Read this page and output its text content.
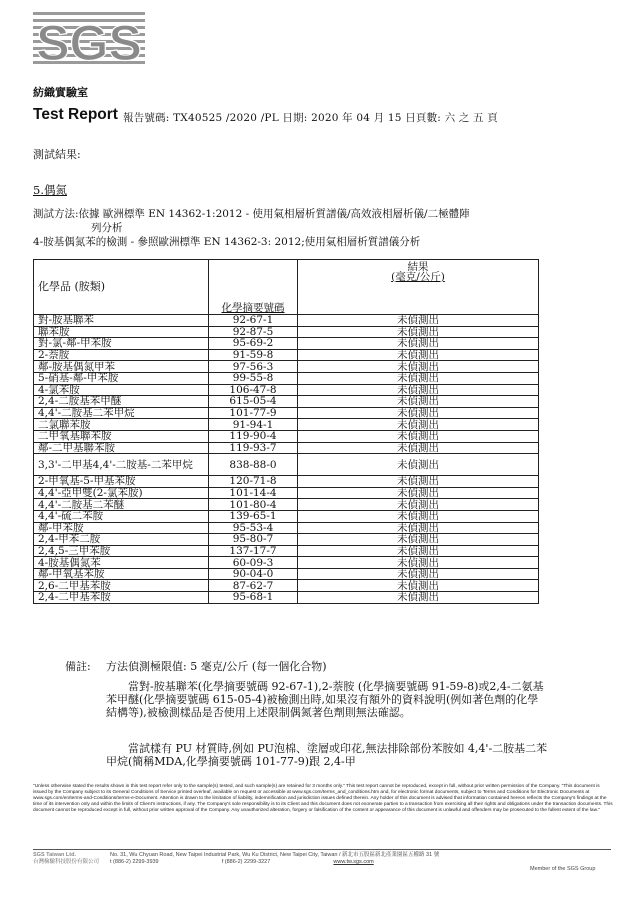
SGS
紡織實驗室
Test Report 報告號碼: TX40525 /2020 /PL 日期: 2020 年 04 月 15 日頁數: 六 之 五 頁
測試結果:
5.偶氮
測試方法:依據 歐洲標準 EN 14362-1:2012 - 使用氣相層析質譜儀/高效液相層析儀/二極體陣
列分析
4-胺基偶氮苯的檢測 - 參照歐洲標準 EN 14362-3: 2012;使用氣相層析質譜儀分析
化學品 (胺類)		結果
(毫克/公斤)

	化學摘要號碼	
對-胺基聯苯	92-67-1	未偵測出
聯苯胺	92-87-5	未偵測出
對-氯-鄰-甲苯胺	95-69-2	未偵測出
2-萘胺	91-59-8	未偵測出
鄰-胺基偶氮甲苯	97-56-3	未偵測出
5-硝基-鄰-甲苯胺	99-55-8	未偵測出
4-氯苯胺	106-47-8	未偵測出
2,4-二胺基苯甲醚	615-05-4	未偵測出
4,4'-二胺基二苯甲烷	101-77-9	未偵測出
二氯聯苯胺	91-94-1	未偵測出
二甲氧基聯苯胺	119-90-4	未偵測出
鄰-二甲基聯苯胺	119-93-7	未偵測出
3,3'-二甲基4,4'-二胺基-二苯甲烷	838-88-0	未偵測出
2-甲氧基-5-甲基苯胺	120-71-8	未偵測出
4,4'-亞甲雙(2-氯苯胺)	101-14-4	未偵測出
4,4'-二胺基二苯醚	101-80-4	未偵測出
4,4'-硫二苯胺	139-65-1	未偵測出
鄰-甲苯胺	95-53-4	未偵測出
2,4-甲苯二胺	95-80-7	未偵測出
2,4,5-三甲苯胺	137-17-7	未偵測出
4-胺基偶氮苯	60-09-3	未偵測出
鄰-甲氧基苯胺	90-04-0	未偵測出
2,6-二甲基苯胺	87-62-7	未偵測出
2,4-二甲基苯胺	95-68-1	未偵測出
備註: 方法偵測極限值: 5 毫克/公斤 (每一個化合物)
當對-胺基聯苯(化學摘要號碼 92-67-1),2-萘胺 (化學摘要號碼 91-59-8)或2,4-二氨基苯甲醚(化學摘要號碼 615-05-4)被檢測出時,如果沒有額外的資料說明(例如著色劑的化學結構等),被檢測樣品是否使用上述限制偶氮著色劑則無法確認。
當試樣有 PU 材質時,例如 PU泡棉、塗層或印花,無法排除部份苯胺如 4,4'-二胺基二苯甲烷(簡稱MDA,化學摘要號碼 101-77-9)跟 2,4-甲
"Unless otherwise stated the results shown in this test report refer only to the sample(s) tested, and such sample(s) are retained for 3 months only." This test report cannot be reproduced, except in full, without prior written permission of the Company. "This document is issued by the Company subject to its General Conditions of Service printed overleaf, available on request or accessible at www.sgs.com/terms_and_conditions.htm and, for electronic format documents, subject to Terms and Conditions for Electronic Documents at www.sgs.com/en/terms-and-Conditions/terms-e-Document. Attention is drawn to the limitation of liability, indemnification and jurisdiction issues defined therein. Any holder of this document is advised that information contained hereon reflects the Company's findings at the time of its intervention only and within the limits of Client's instructions, if any. The Company's sole responsibility is to its Client and this document does not exonerate parties to a transaction from exercising all their rights and obligations under the transaction documents. This document cannot be reproduced except in full, without prior written approval of the Company. Any unauthorized alteration, forgery or falsification of the content or appearance of this document is unlawful and offenders may be prosecuted to the fullest extent of the law."
SGS Taiwan Ltd.
台灣檢驗科技股份有限公司
No. 31, Wu Chyuan Road, New Taipei Industrial Park, Wu Ku District, New Taipei City, Taiwan / 新北市五股區新北產業園區五權路 31 號
t (886-2) 2299-3939	f (886-2) 2299-3227	www.tw.sgs.com
Member of the SGS Group
